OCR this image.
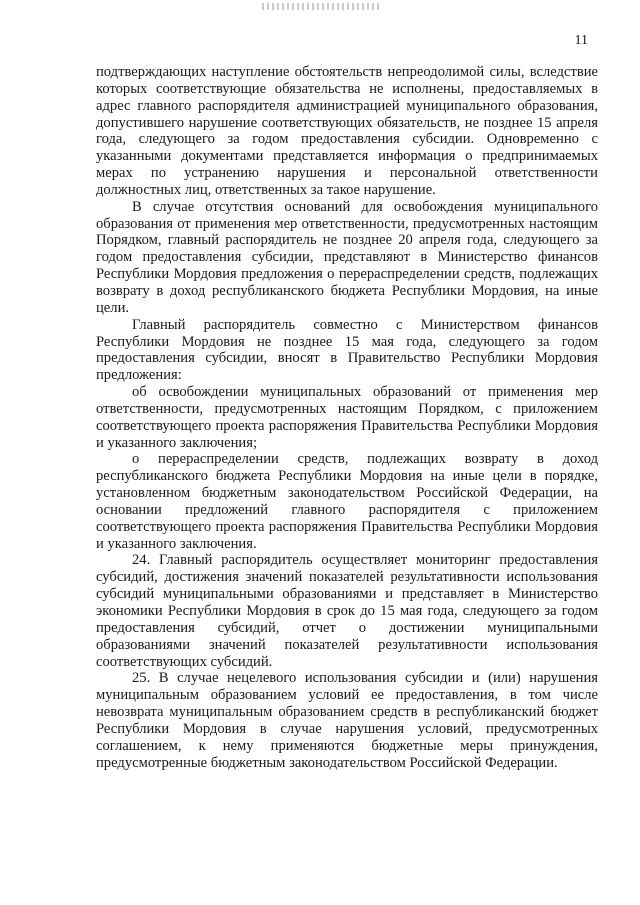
11

подтверждающих наступление обстоятельств непреодолимой силы, вследствие которых соответствующие обязательства не исполнены, предоставляемых в адрес главного распорядителя администрацией муниципального образования, допустившего нарушение соответствующих обязательств, не позднее 15 апреля года, следующего за годом предоставления субсидии. Одновременно с указанными документами представляется информация о предпринимаемых мерах по устранению нарушения и персональной ответственности должностных лиц, ответственных за такое нарушение.

В случае отсутствия оснований для освобождения муниципального образования от применения мер ответственности, предусмотренных настоящим Порядком, главный распорядитель не позднее 20 апреля года, следующего за годом предоставления субсидии, представляют в Министерство финансов Республики Мордовия предложения о перераспределении средств, подлежащих возврату в доход республиканского бюджета Республики Мордовия, на иные цели.

Главный распорядитель совместно с Министерством финансов Республики Мордовия не позднее 15 мая года, следующего за годом предоставления субсидии, вносят в Правительство Республики Мордовия предложения:

об освобождении муниципальных образований от применения мер ответственности, предусмотренных настоящим Порядком, с приложением соответствующего проекта распоряжения Правительства Республики Мордовия и указанного заключения;

о перераспределении средств, подлежащих возврату в доход республиканского бюджета Республики Мордовия на иные цели в порядке, установленном бюджетным законодательством Российской Федерации, на основании предложений главного распорядителя с приложением соответствующего проекта распоряжения Правительства Республики Мордовия и указанного заключения.

24. Главный распорядитель осуществляет мониторинг предоставления субсидий, достижения значений показателей результативности использования субсидий муниципальными образованиями и представляет в Министерство экономики Республики Мордовия в срок до 15 мая года, следующего за годом предоставления субсидий, отчет о достижении муниципальными образованиями значений показателей результативности использования соответствующих субсидий.

25. В случае нецелевого использования субсидии и (или) нарушения муниципальным образованием условий ее предоставления, в том числе невозврата муниципальным образованием средств в республиканский бюджет Республики Мордовия в случае нарушения условий, предусмотренных соглашением, к нему применяются бюджетные меры принуждения, предусмотренные бюджетным законодательством Российской Федерации.
